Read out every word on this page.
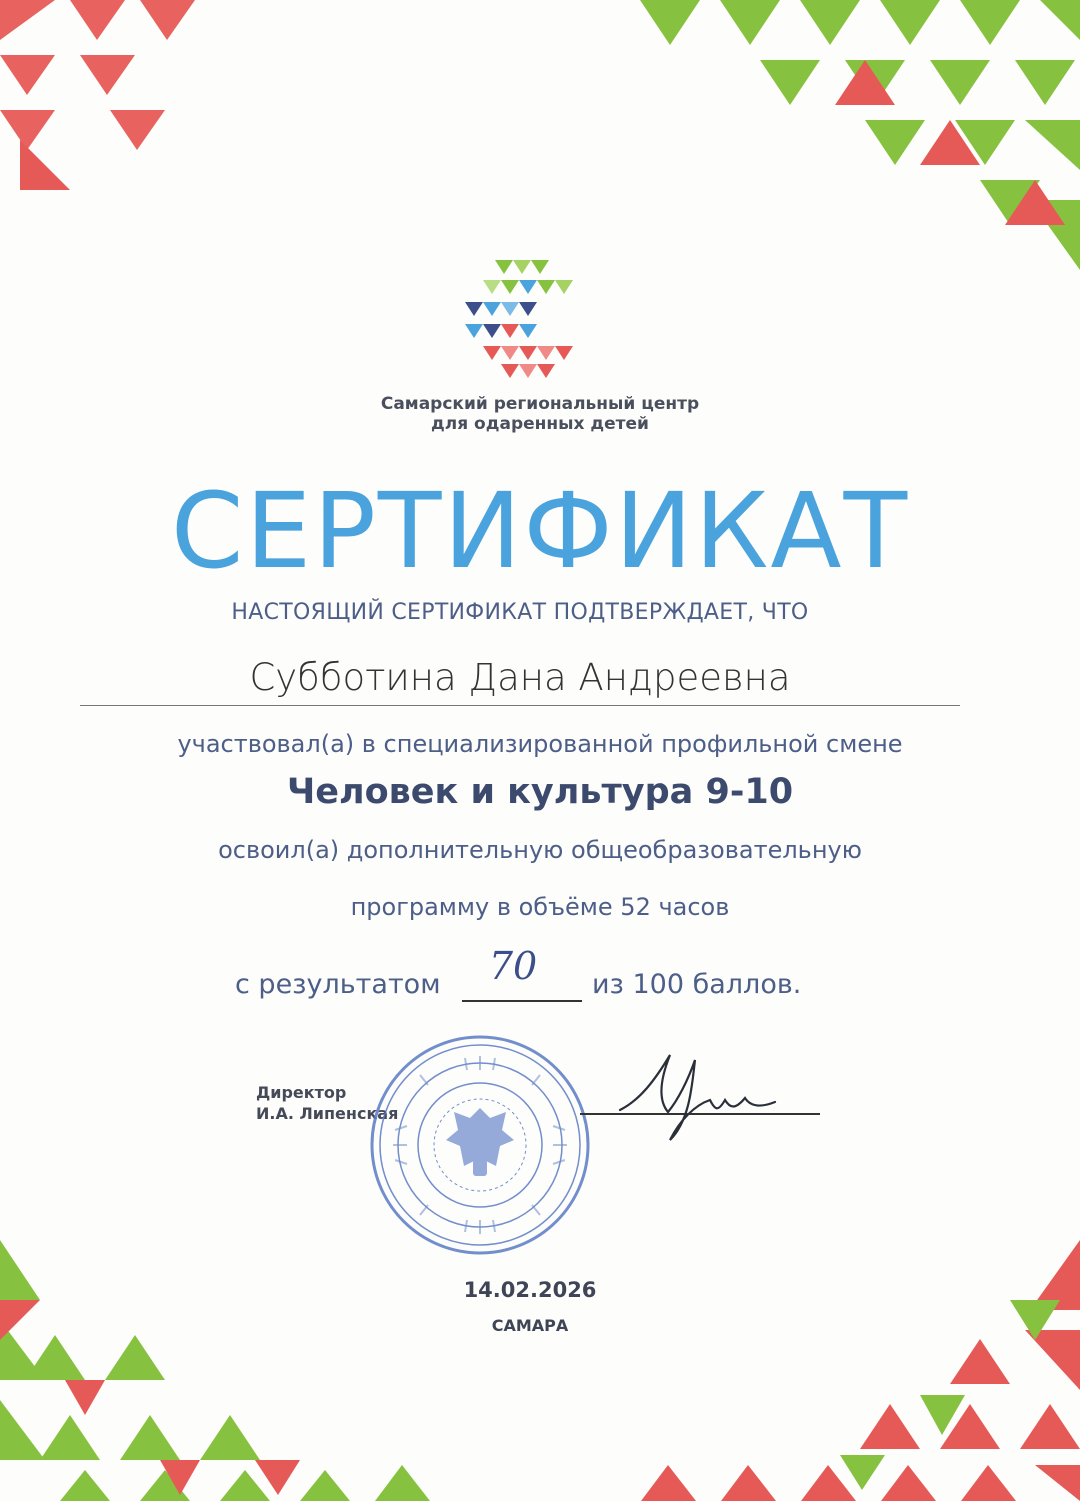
Самарский региональный центр
для одаренных детей
СЕРТИФИКАТ
НАСТОЯЩИЙ СЕРТИФИКАТ ПОДТВЕРЖДАЕТ, ЧТО
Субботина Дана Андреевна
участвовал(а) в специализированной профильной смене
Человек и культура 9-10
освоил(а) дополнительную общеобразовательную
программу в объёме 52 часов
с результатом 70	из 100 баллов.
Директор
И.А. Липенская
14.02.2026
САМАРА
